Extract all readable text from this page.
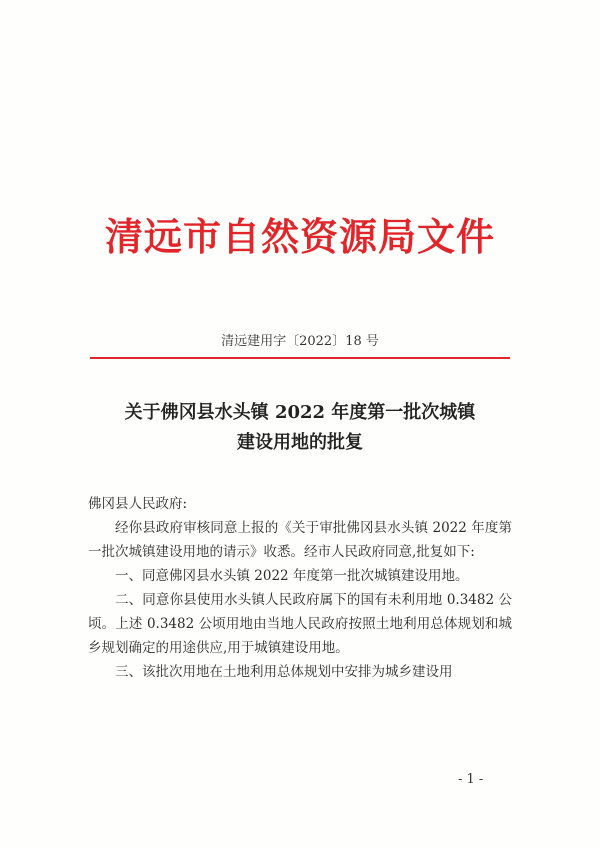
清远市自然资源局文件
清远建用字〔2022〕18 号
关于佛冈县水头镇 2022 年度第一批次城镇
建设用地的批复
佛冈县人民政府:
经你县政府审核同意上报的《关于审批佛冈县水头镇 2022 年度第一批次城镇建设用地的请示》收悉。经市人民政府同意,批复如下:
一、同意佛冈县水头镇 2022 年度第一批次城镇建设用地。
二、同意你县使用水头镇人民政府属下的国有未利用地 0.3482 公顷。上述 0.3482 公顷用地由当地人民政府按照土地利用总体规划和城乡规划确定的用途供应,用于城镇建设用地。
三、该批次用地在土地利用总体规划中安排为城乡建设用
- 1 -
